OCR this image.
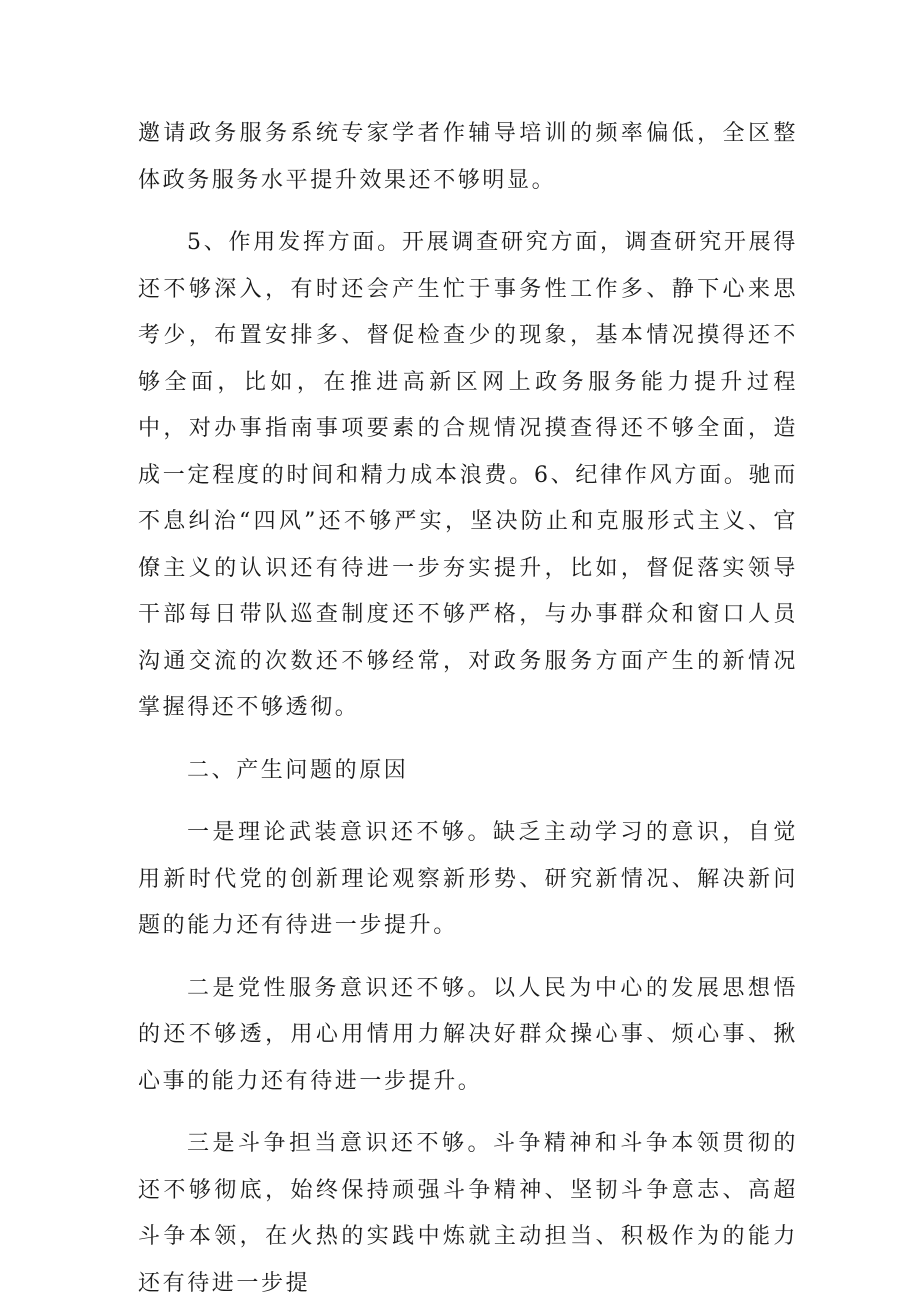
邀请政务服务系统专家学者作辅导培训的频率偏低，全区整体政务服务水平提升效果还不够明显。

5、作用发挥方面。开展调查研究方面，调查研究开展得还不够深入，有时还会产生忙于事务性工作多、静下心来思考少，布置安排多、督促检查少的现象，基本情况摸得还不够全面，比如，在推进高新区网上政务服务能力提升过程中，对办事指南事项要素的合规情况摸查得还不够全面，造成一定程度的时间和精力成本浪费。6、纪律作风方面。驰而不息纠治“四风”还不够严实，坚决防止和克服形式主义、官僚主义的认识还有待进一步夯实提升，比如，督促落实领导干部每日带队巡查制度还不够严格，与办事群众和窗口人员沟通交流的次数还不够经常，对政务服务方面产生的新情况掌握得还不够透彻。

二、产生问题的原因

一是理论武装意识还不够。缺乏主动学习的意识，自觉用新时代党的创新理论观察新形势、研究新情况、解决新问题的能力还有待进一步提升。

二是党性服务意识还不够。以人民为中心的发展思想悟的还不够透，用心用情用力解决好群众操心事、烦心事、揪心事的能力还有待进一步提升。

三是斗争担当意识还不够。斗争精神和斗争本领贯彻的还不够彻底，始终保持顽强斗争精神、坚韧斗争意志、高超斗争本领，在火热的实践中炼就主动担当、积极作为的能力还有待进一步提
